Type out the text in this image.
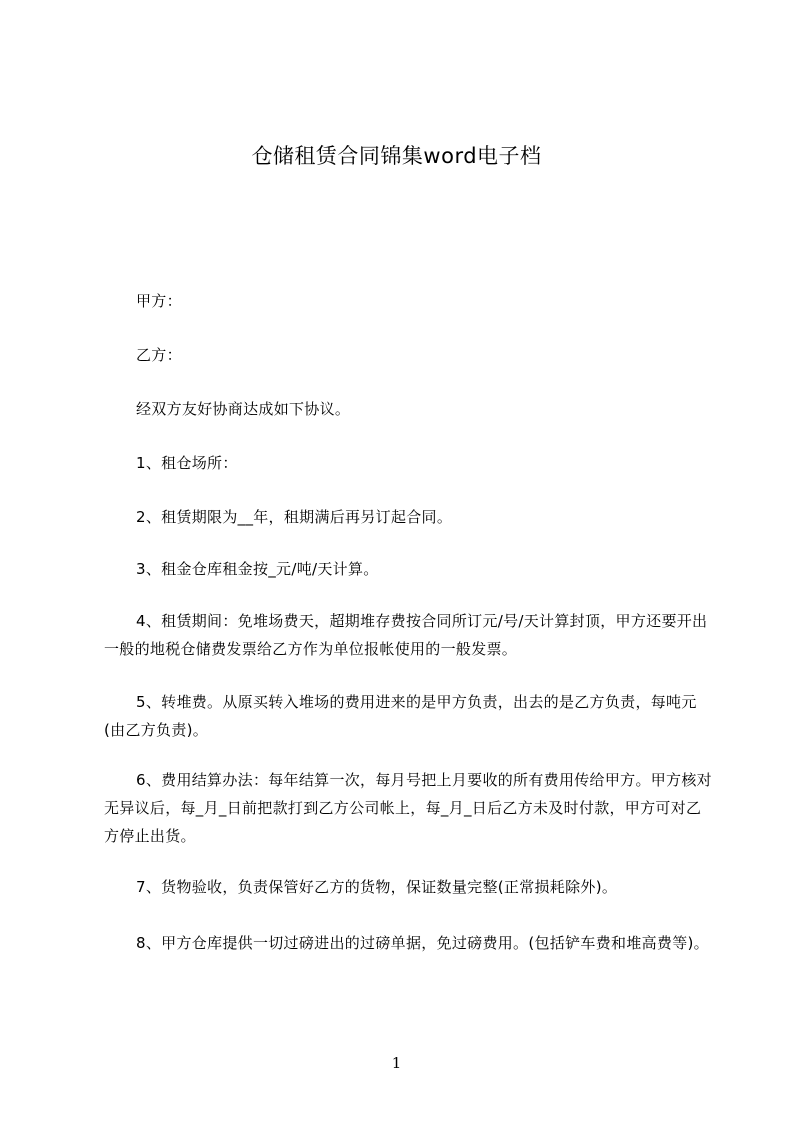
仓储租赁合同锦集word电子档
甲方：
乙方：
经双方友好协商达成如下协议。
1、租仓场所：
2、租赁期限为__年，租期满后再另订起合同。
3、租金仓库租金按_元/吨/天计算。
4、租赁期间：免堆场费天，超期堆存费按合同所订元/号/天计算封顶，甲方还要开出一般的地税仓储费发票给乙方作为单位报帐使用的一般发票。
5、转堆费。从原买转入堆场的费用进来的是甲方负责，出去的是乙方负责，每吨元(由乙方负责)。
6、费用结算办法：每年结算一次，每月号把上月要收的所有费用传给甲方。甲方核对无异议后，每_月_日前把款打到乙方公司帐上，每_月_日后乙方未及时付款，甲方可对乙方停止出货。
7、货物验收，负责保管好乙方的货物，保证数量完整(正常损耗除外)。
8、甲方仓库提供一切过磅进出的过磅单据，免过磅费用。(包括铲车费和堆高费等)。
1
